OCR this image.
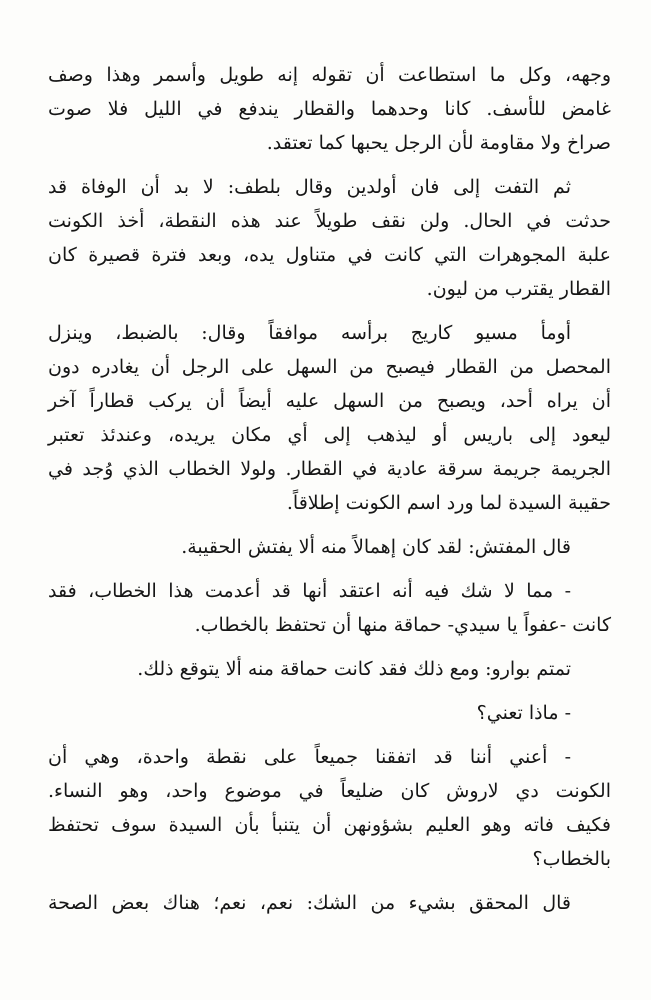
وجهه، وكل ما استطاعت أن تقوله إنه طويل وأسمر وهذا وصف
غامض للأسف. كانا وحدهما والقطار يندفع في الليل فلا صوت
صراخ ولا مقاومة لأن الرجل يحبها كما تعتقد.
ثم التفت إلى فان أولدين وقال بلطف: لا بد أن الوفاة قد
حدثت في الحال. ولن نقف طويلاً عند هذه النقطة، أخذ الكونت
علبة المجوهرات التي كانت في متناول يده، وبعد فترة قصيرة كان
القطار يقترب من ليون.
أومأ مسيو كاريج برأسه موافقاً وقال: بالضبط، وينزل
المحصل من القطار فيصبح من السهل على الرجل أن يغادره دون
أن يراه أحد، ويصبح من السهل عليه أيضاً أن يركب قطاراً آخر
ليعود إلى باريس أو ليذهب إلى أي مكان يريده، وعندئذ تعتبر
الجريمة جريمة سرقة عادية في القطار. ولولا الخطاب الذي وُجد في
حقيبة السيدة لما ورد اسم الكونت إطلاقاً.
قال المفتش: لقد كان إهمالاً منه ألا يفتش الحقيبة.
- مما لا شك فيه أنه اعتقد أنها قد أعدمت هذا الخطاب، فقد
كانت -عفواً يا سيدي- حماقة منها أن تحتفظ بالخطاب.
تمتم بوارو: ومع ذلك فقد كانت حماقة منه ألا يتوقع ذلك.
- ماذا تعني؟
- أعني أننا قد اتفقنا جميعاً على نقطة واحدة، وهي أن
الكونت دي لاروش كان ضليعاً في موضوع واحد، وهو النساء.
فكيف فاته وهو العليم بشؤونهن أن يتنبأ بأن السيدة سوف تحتفظ
بالخطاب؟
قال المحقق بشيء من الشك: نعم، نعم؛ هناك بعض الصحة
